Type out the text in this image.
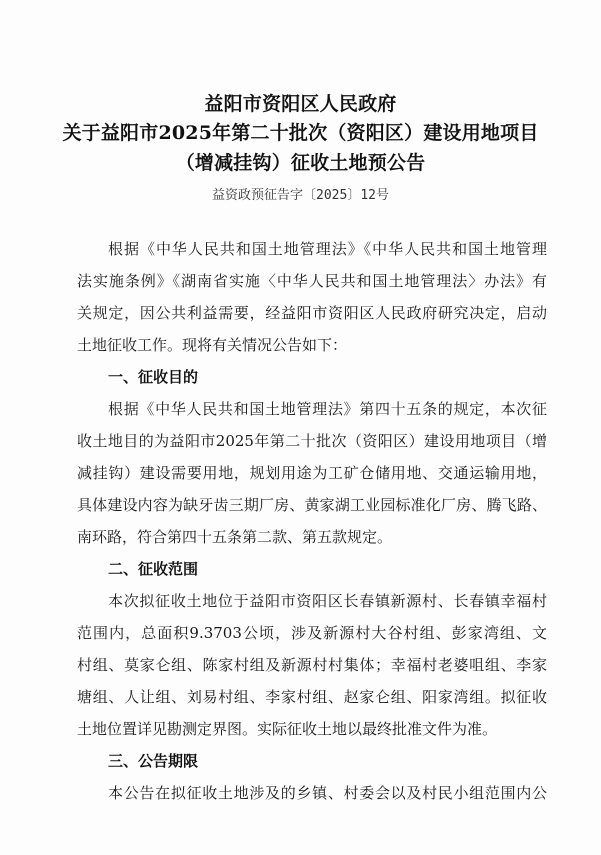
益阳市资阳区人民政府
关于益阳市2025年第二十批次（资阳区）建设用地项目
（增减挂钩）征收土地预公告
益资政预征告字〔2025〕12号
根据《中华人民共和国土地管理法》《中华人民共和国土地管理
法实施条例》《湖南省实施〈中华人民共和国土地管理法〉办法》有
关规定，因公共利益需要，经益阳市资阳区人民政府研究决定，启动
土地征收工作。现将有关情况公告如下：
一、征收目的
根据《中华人民共和国土地管理法》第四十五条的规定，本次征
收土地目的为益阳市2025年第二十批次（资阳区）建设用地项目（增
减挂钩）建设需要用地，规划用途为工矿仓储用地、交通运输用地，
具体建设内容为缺牙齿三期厂房、黄家湖工业园标准化厂房、腾飞路、
南环路，符合第四十五条第二款、第五款规定。
二、征收范围
本次拟征收土地位于益阳市资阳区长春镇新源村、长春镇幸福村
范围内，总面积9.3703公顷，涉及新源村大谷村组、彭家湾组、文
村组、莫家仑组、陈家村组及新源村村集体；幸福村老婆咀组、李家
塘组、人让组、刘易村组、李家村组、赵家仑组、阳家湾组。拟征收
土地位置详见勘测定界图。实际征收土地以最终批准文件为准。
三、公告期限
本公告在拟征收土地涉及的乡镇、村委会以及村民小组范围内公
